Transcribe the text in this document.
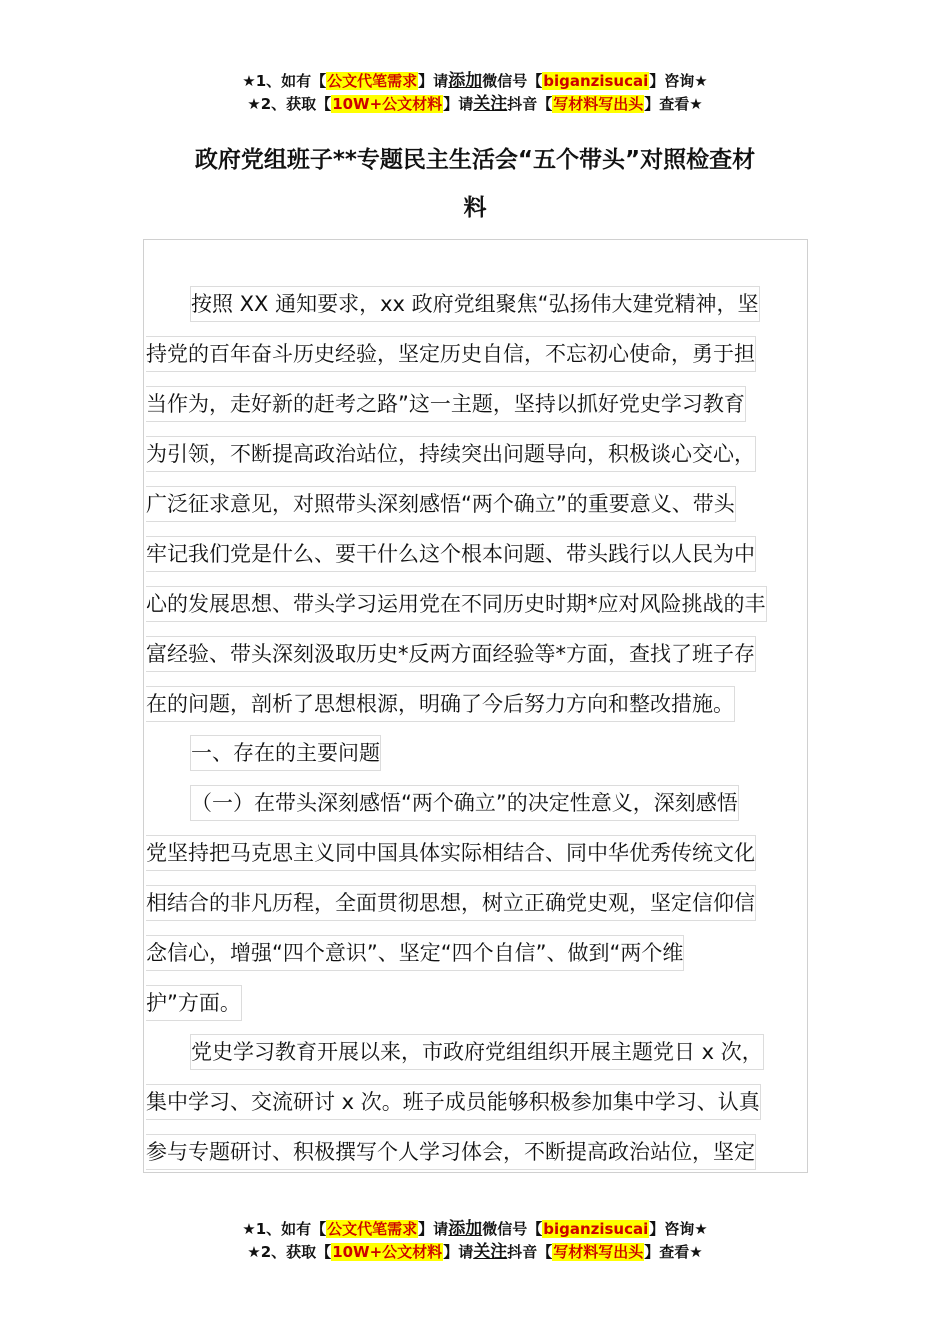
★1、如有【公文代笔需求】请添加微信号【biganzisucai】咨询★
★2、获取【10W+公文材料】请关注抖音【写材料写出头】查看★
政府党组班子**专题民主生活会“五个带头”对照检查材
料
按照 XX 通知要求，xx 政府党组聚焦“弘扬伟大建党精神，坚
持党的百年奋斗历史经验，坚定历史自信，不忘初心使命，勇于担
当作为，走好新的赶考之路”这一主题，坚持以抓好党史学习教育
为引领，不断提高政治站位，持续突出问题导向，积极谈心交心，
广泛征求意见，对照带头深刻感悟“两个确立”的重要意义、带头
牢记我们党是什么、要干什么这个根本问题、带头践行以人民为中
心的发展思想、带头学习运用党在不同历史时期*应对风险挑战的丰
富经验、带头深刻汲取历史*反两方面经验等*方面，查找了班子存
在的问题，剖析了思想根源，明确了今后努力方向和整改措施。
一、存在的主要问题
（一）在带头深刻感悟“两个确立”的决定性意义，深刻感悟
党坚持把马克思主义同中国具体实际相结合、同中华优秀传统文化
相结合的非凡历程，全面贯彻思想，树立正确党史观，坚定信仰信
念信心，增强“四个意识”、坚定“四个自信”、做到“两个维
护”方面。
党史学习教育开展以来，市政府党组组织开展主题党日 x 次，
集中学习、交流研讨 x 次。班子成员能够积极参加集中学习、认真
参与专题研讨、积极撰写个人学习体会，不断提高政治站位，坚定
★1、如有【公文代笔需求】请添加微信号【biganzisucai】咨询★
★2、获取【10W+公文材料】请关注抖音【写材料写出头】查看★
